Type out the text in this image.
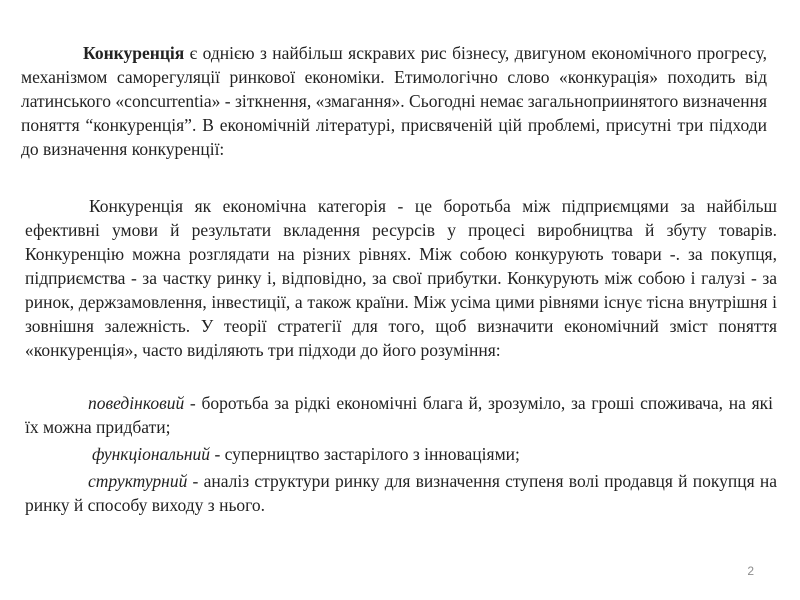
Конкуренція є однією з найбільш яскравих рис бізнесу, двигуном економічного прогресу, механізмом саморегуляції ринкової економіки. Етимологічно слово «конкурація» походить від латинського «concurrentia» - зіткнення, «змагання». Сьогодні немає загальноприинятого визначення поняття “конкуренція”. В економічній літературі, присвяченій цій проблемі, присутні три підходи до визначення конкуренції:

Конкуренція як економічна категорія - це боротьба між підприємцями за найбільш ефективні умови й результати вкладення ресурсів у процесі виробництва й збуту товарів. Конкуренцію можна розглядати на різних рівнях. Між собою конкурують товари -. за покупця, підприємства - за частку ринку і, відповідно, за свої прибутки. Конкурують між собою і галузі - за ринок, держзамовлення, інвестиції, а також країни. Між усіма цими рівнями існує тісна внутрішня і зовнішня залежність. У теорії стратегії для того, щоб визначити економічний зміст поняття «конкуренція», часто виділяють три підходи до його розуміння:

поведінковий - боротьба за рідкі економічні блага й, зрозуміло, за гроші споживача, на які їх можна придбати;

функціональний - суперництво застарілого з інноваціями;

структурний - аналіз структури ринку для визначення ступеня волі продавця й покупця на ринку й способу виходу з нього.

2
